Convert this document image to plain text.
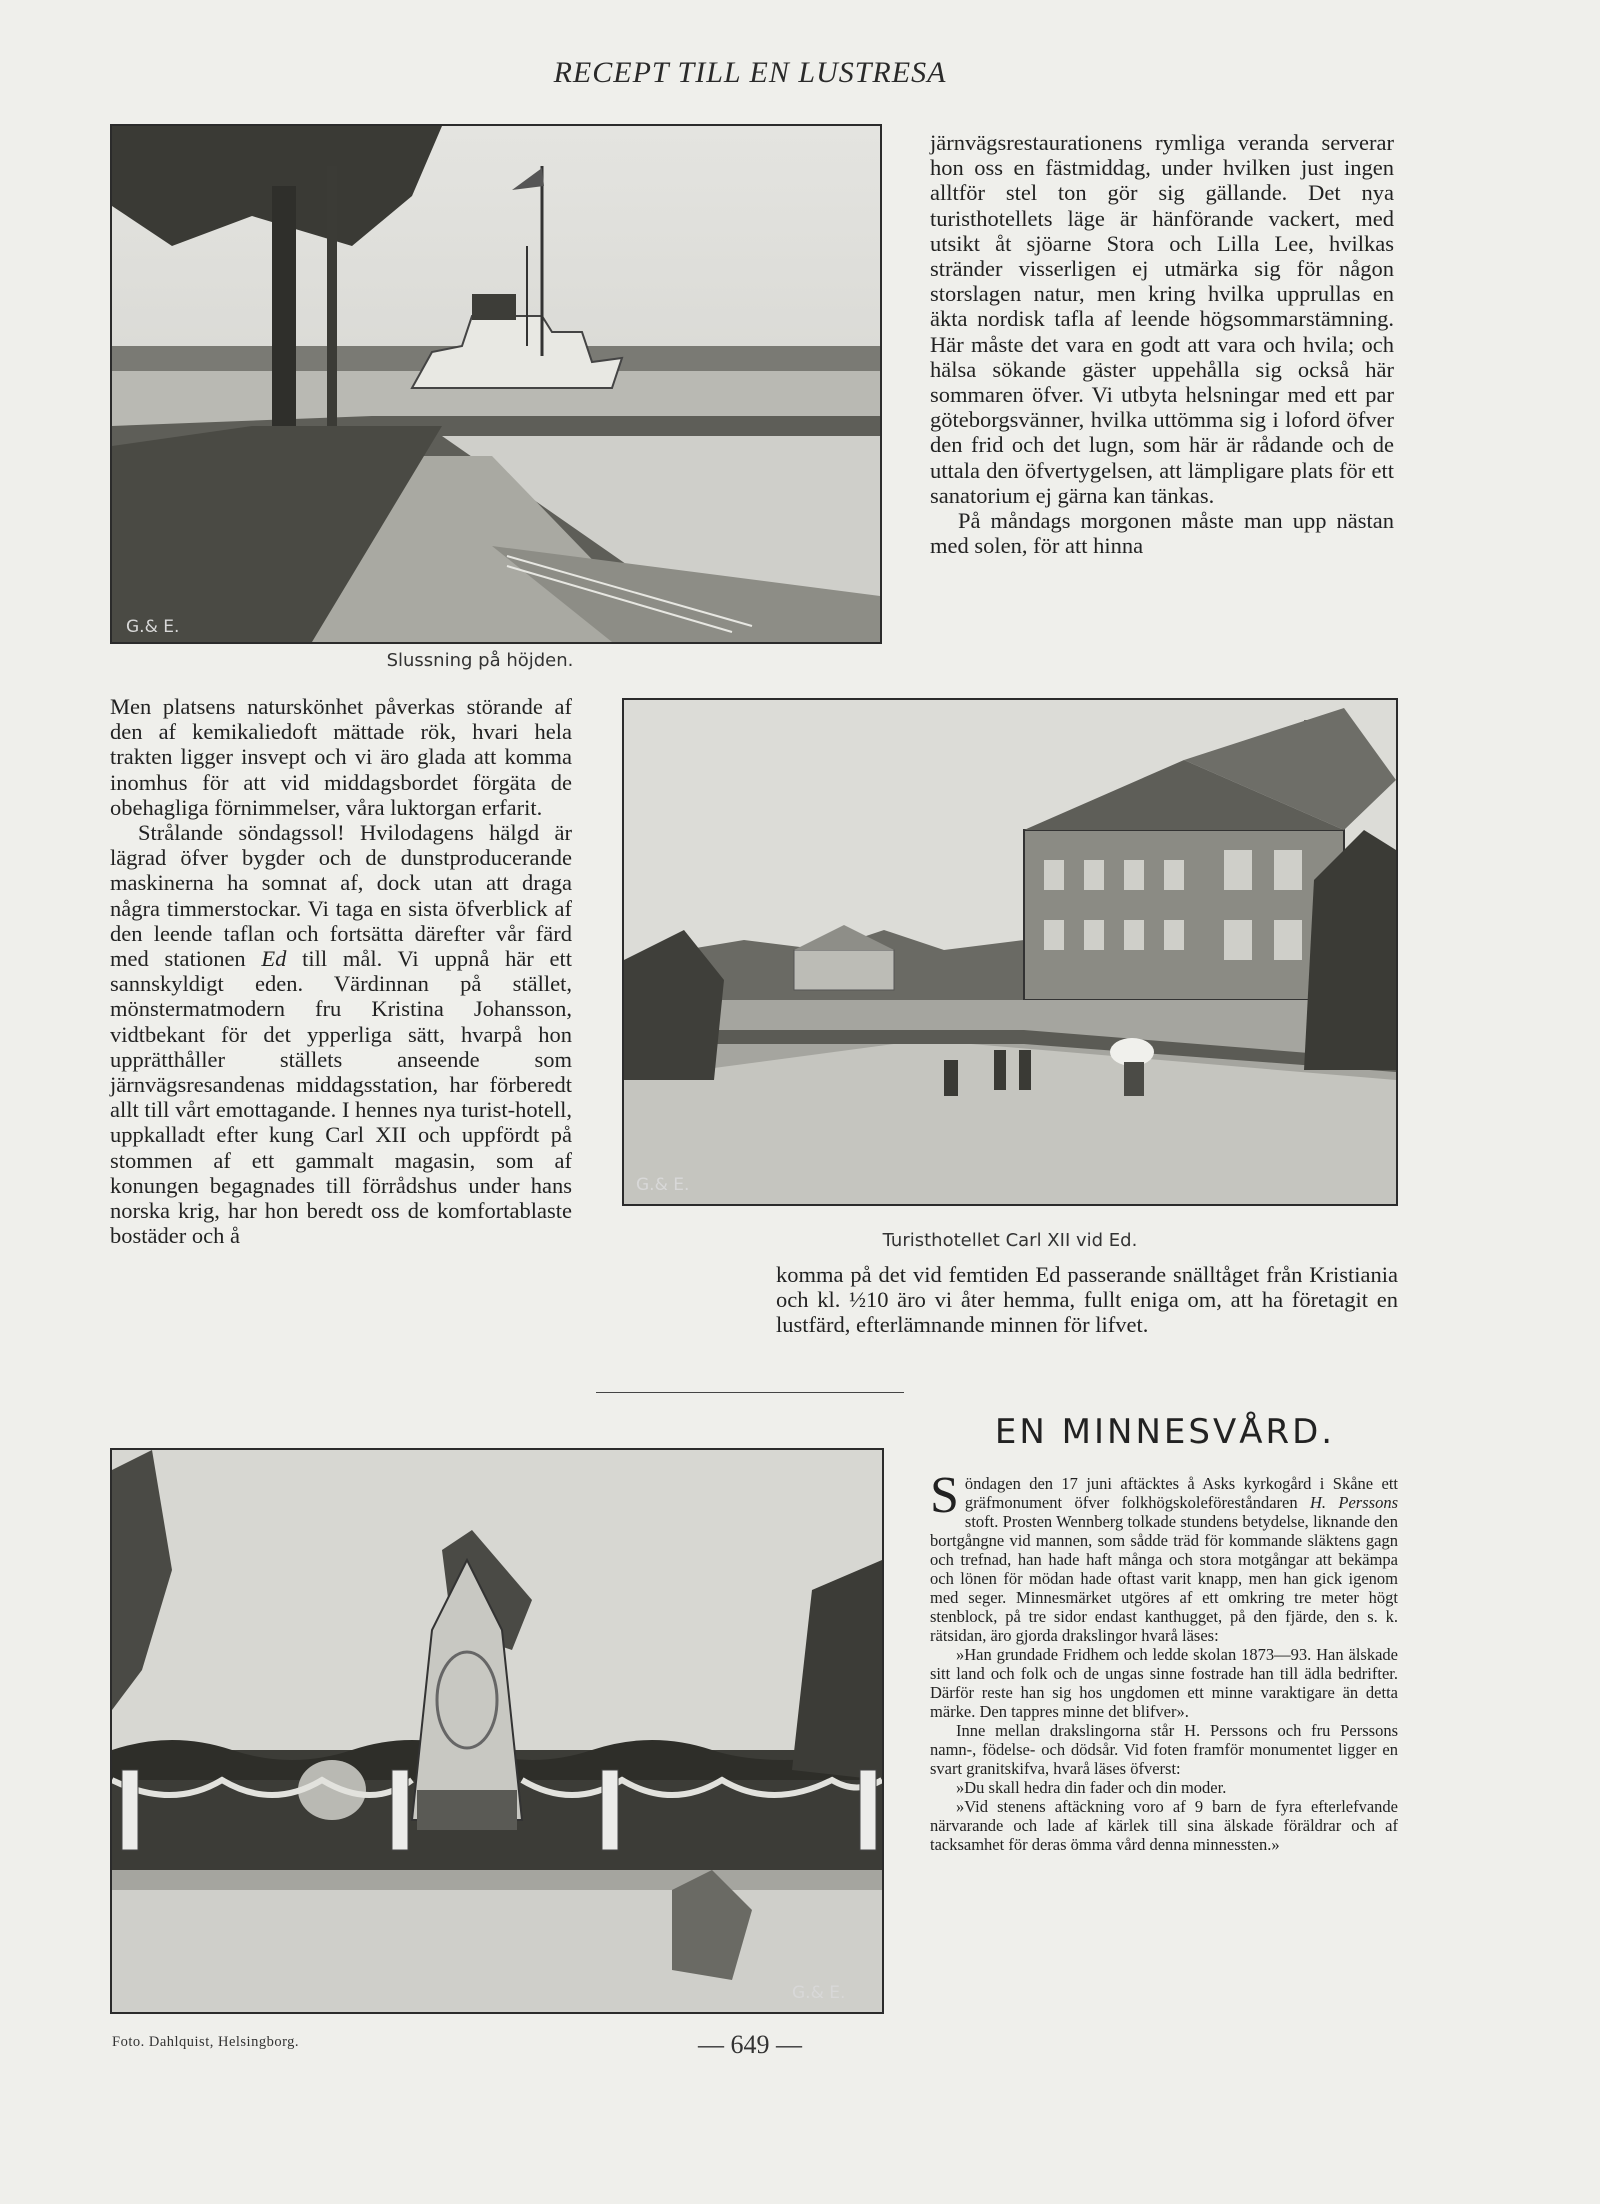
RECEPT TILL EN LUSTRESA
G.& E.
Slussning på höjden.

järnvägsrestaurationens rymliga veranda serverar hon oss en fästmiddag, under hvilken just ingen alltför stel ton gör sig gällande. Det nya turisthotellets läge är hänförande vackert, med utsikt åt sjöarne Stora och Lilla Lee, hvilkas stränder visserligen ej utmärka sig för någon storslagen natur, men kring hvilka upprullas en äkta nordisk tafla af leende högsommarstämning. Här måste det vara en godt att vara och hvila; och hälsa sökande gäster uppehålla sig också här sommaren öfver. Vi utbyta helsningar med ett par göteborgsvänner, hvilka uttömma sig i loford öfver den frid och det lugn, som här är rådande och de uttala den öfvertygelsen, att lämpligare plats för ett sanatorium ej gärna kan tänkas.

På måndags morgonen måste man upp nästan med solen, för att hinna

G.& E.
Turisthotellet Carl XII vid Ed.

Men platsens naturskönhet påverkas störande af den af kemikaliedoft mättade rök, hvari hela trakten ligger insvept och vi äro glada att komma inomhus för att vid middagsbordet förgäta de obehagliga förnimmelser, våra luktorgan erfarit.

Strålande söndagssol! Hvilodagens hälgd är lägrad öfver bygder och de dunstproducerande maskinerna ha somnat af, dock utan att draga några timmerstockar. Vi taga en sista öfverblick af den leende taflan och fortsätta därefter vår färd med stationen Ed till mål. Vi uppnå här ett sannskyldigt eden. Värdinnan på stället, mönstermatmodern fru Kristina Johansson, vidtbekant för det ypperliga sätt, hvarpå hon upprätthåller ställets anseende som järnvägsresandenas middagsstation, har förberedt allt till vårt emottagande. I hennes nya turist-hotell, uppkalladt efter kung Carl XII och uppfördt på stommen af ett gammalt magasin, som af konungen begagnades till förrådshus under hans norska krig, har hon beredt oss de komfortablaste bostäder och å

komma på det vid femtiden Ed passerande snälltåget från Kristiania och kl. ½10 äro vi åter hemma, fullt eniga om, att ha företagit en lustfärd, efterlämnande minnen för lifvet.

EN MINNESVÅRD.

Söndagen den 17 juni aftäcktes å Asks kyrkogård i Skåne ett gräfmonument öfver folkhögskoleföreståndaren H. Perssons stoft. Prosten Wennberg tolkade stundens betydelse, liknande den bortgångne vid mannen, som sådde träd för kommande släktens gagn och trefnad, han hade haft många och stora motgångar att bekämpa och lönen för mödan hade oftast varit knapp, men han gick igenom med seger. Minnesmärket utgöres af ett omkring tre meter högt stenblock, på tre sidor endast kanthugget, på den fjärde, den s. k. rätsidan, äro gjorda drakslingor hvarå läses:

»Han grundade Fridhem och ledde skolan 1873—93. Han älskade sitt land och folk och de ungas sinne fostrade han till ädla bedrifter. Därför reste han sig hos ungdomen ett minne varaktigare än detta märke. Den tappres minne det blifver».

Inne mellan drakslingorna står H. Perssons och fru Perssons namn-, födelse- och dödsår. Vid foten framför monumentet ligger en svart granitskifva, hvarå läses öfverst:

»Du skall hedra din fader och din moder.

»Vid stenens aftäckning voro af 9 barn de fyra efterlefvande närvarande och lade af kärlek till sina älskade föräldrar och af tacksamhet för deras ömma vård denna minnessten.»

G.& E.
Foto. Dahlquist, Helsingborg.	— 649 —
